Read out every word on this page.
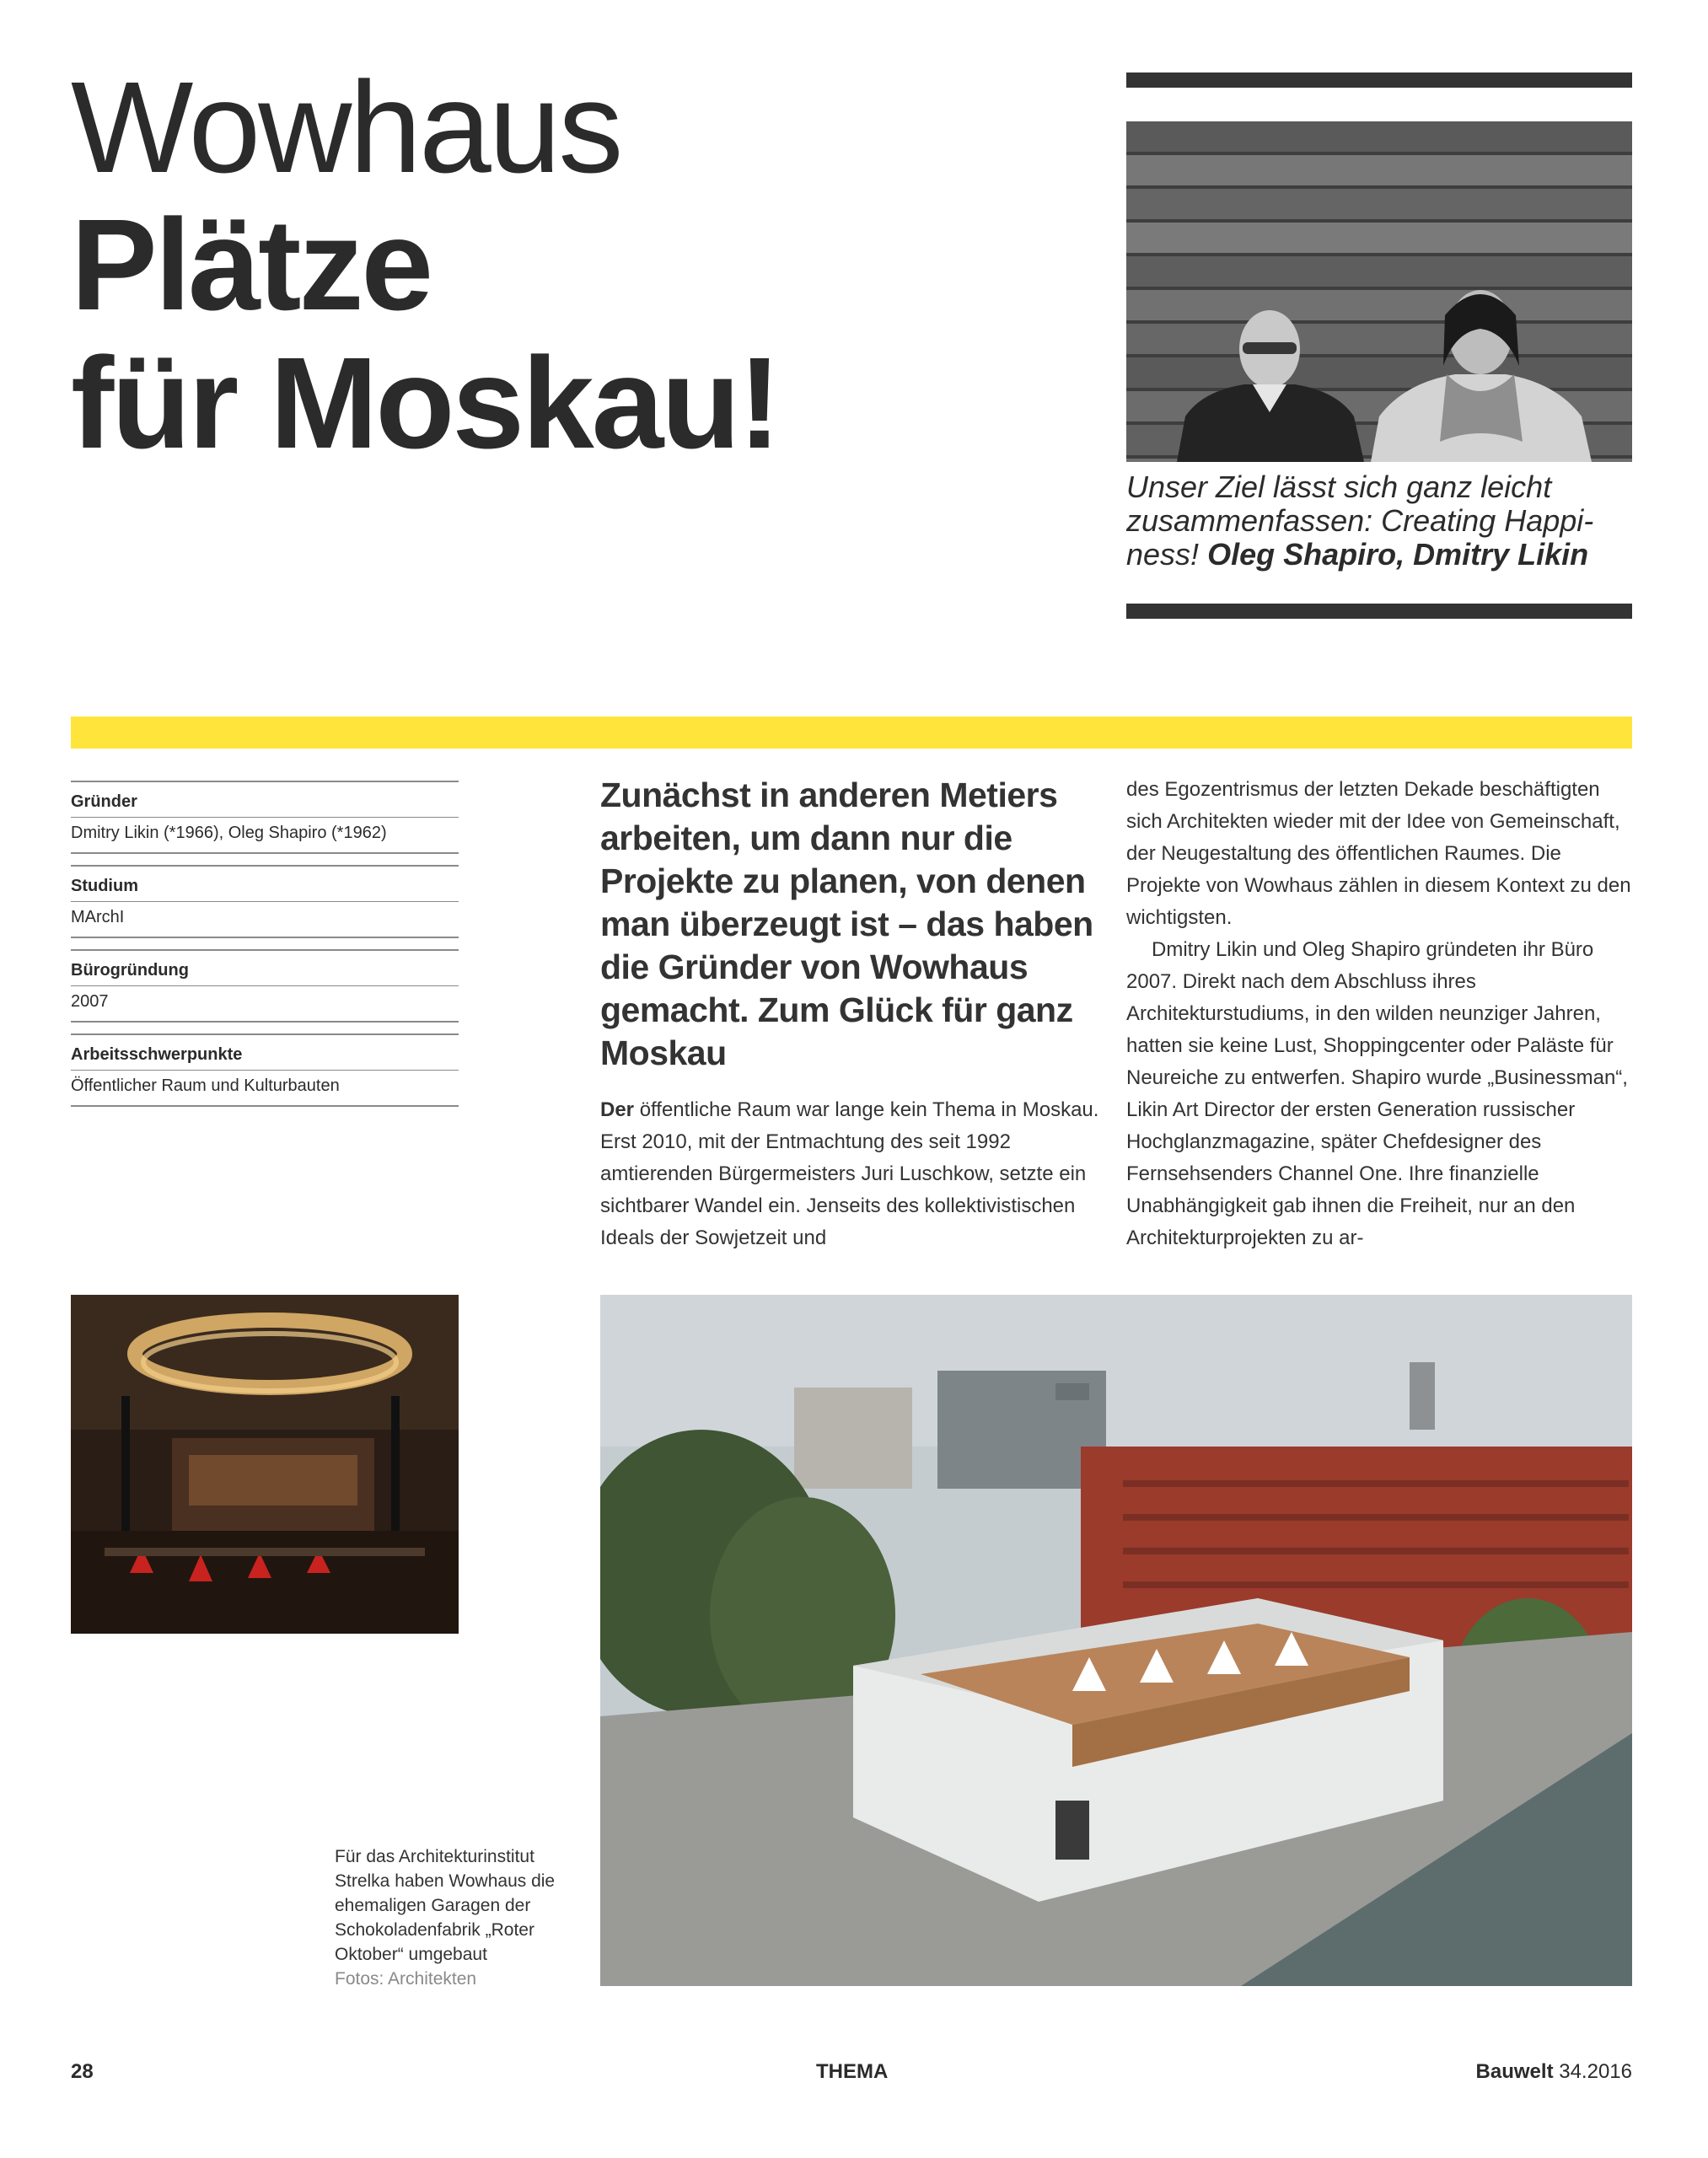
Wowhaus
Plätze
für Moskau!
Unser Ziel lässt sich ganz leicht zusammenfassen: Creating Happiness! Oleg Shapiro, Dmitry Likin
Gründer
Dmitry Likin (*1966), Oleg Shapiro (*1962)
Studium
MArchI
Bürogründung
2007
Arbeitsschwerpunkte
Öffentlicher Raum und Kulturbauten
Zunächst in anderen Metiers arbeiten, um dann nur die Projekte zu planen, von denen man überzeugt ist – das haben die Gründer von Wowhaus gemacht. Zum Glück für ganz Moskau

Der öffentliche Raum war lange kein Thema in Moskau. Erst 2010, mit der Entmachtung des seit 1992 amtierenden Bürgermeisters Juri Luschkow, setzte ein sichtbarer Wandel ein. Jenseits des kollektivistischen Ideals der Sowjetzeit und

des Egozentrismus der letzten Dekade beschäftigten sich Architekten wieder mit der Idee von Gemeinschaft, der Neugestaltung des öffentlichen Raumes. Die Projekte von Wowhaus zählen in diesem Kontext zu den wichtigsten.

Dmitry Likin und Oleg Shapiro gründeten ihr Büro 2007. Direkt nach dem Abschluss ihres Architekturstudiums, in den wilden neunziger Jahren, hatten sie keine Lust, Shoppingcenter oder Paläste für Neureiche zu entwerfen. Shapiro wurde „Businessman“, Likin Art Director der ersten Generation russischer Hochglanzmagazine, später Chefdesigner des Fernsehsenders Channel One. Ihre finanzielle Unabhängigkeit gab ihnen die Freiheit, nur an den Architekturprojekten zu ar-

Für das Architekturinstitut Strelka haben Wowhaus die ehemaligen Garagen der Schokoladenfabrik „Roter Oktober“ umgebaut
Fotos: Architekten
28	THEMA	Bauwelt 34.2016
